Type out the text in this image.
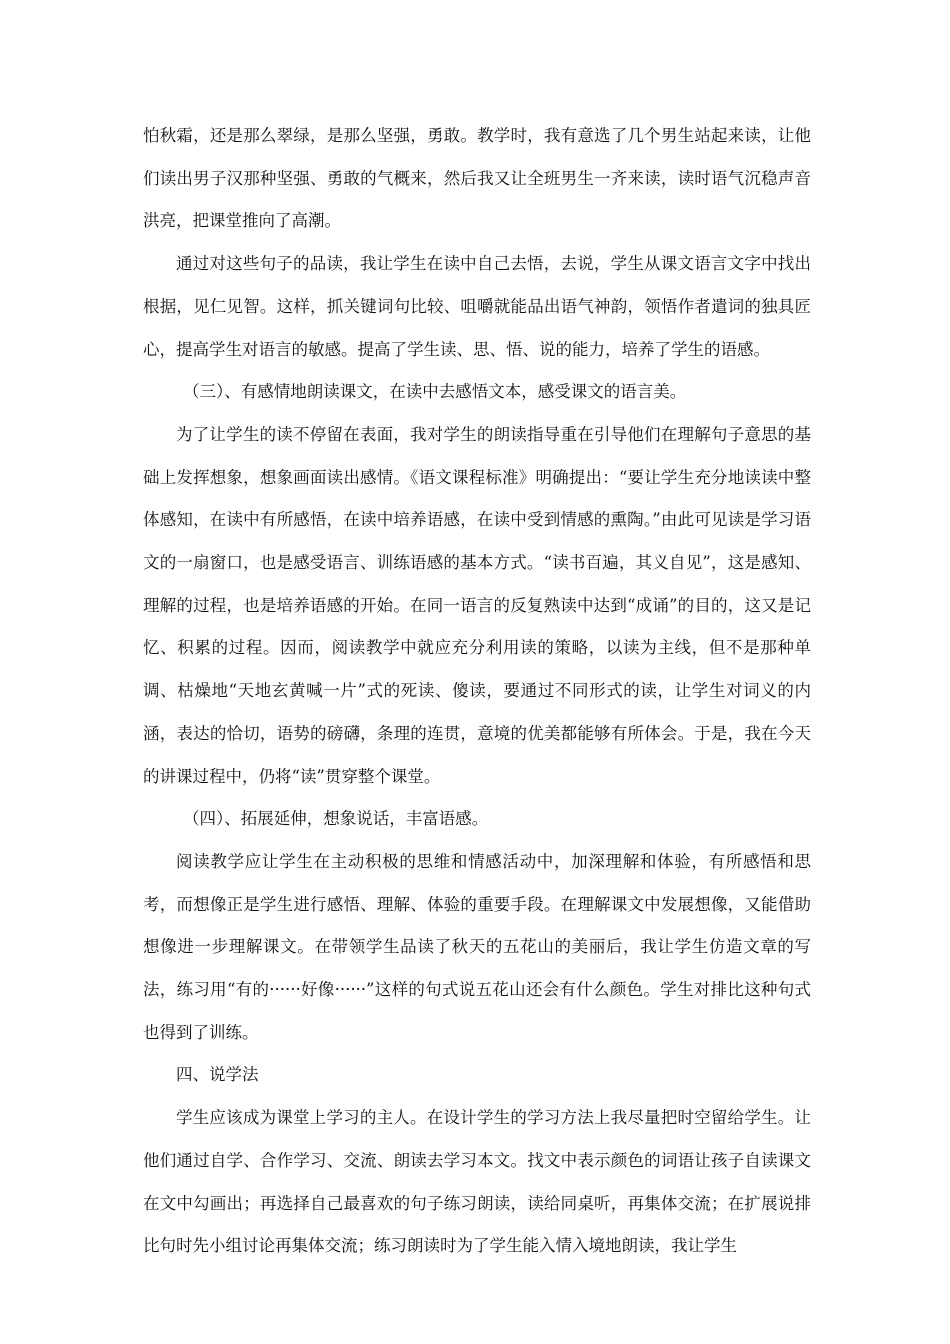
怕秋霜，还是那么翠绿，是那么坚强，勇敢。教学时，我有意选了几个男生站起来读，让他们读出男子汉那种坚强、勇敢的气概来，然后我又让全班男生一齐来读，读时语气沉稳声音洪亮，把课堂推向了高潮。

通过对这些句子的品读，我让学生在读中自己去悟，去说，学生从课文语言文字中找出根据，见仁见智。这样，抓关键词句比较、咀嚼就能品出语气神韵，领悟作者遣词的独具匠心，提高学生对语言的敏感。提高了学生读、思、悟、说的能力，培养了学生的语感。

（三）、有感情地朗读课文，在读中去感悟文本，感受课文的语言美。

为了让学生的读不停留在表面，我对学生的朗读指导重在引导他们在理解句子意思的基础上发挥想象，想象画面读出感情。《语文课程标准》明确提出：“要让学生充分地读读中整体感知，在读中有所感悟，在读中培养语感，在读中受到情感的熏陶。”由此可见读是学习语文的一扇窗口，也是感受语言、训练语感的基本方式。“读书百遍，其义自见”，这是感知、理解的过程，也是培养语感的开始。在同一语言的反复熟读中达到“成诵”的目的，这又是记忆、积累的过程。因而，阅读教学中就应充分利用读的策略，以读为主线，但不是那种单调、枯燥地“天地玄黄喊一片”式的死读、傻读，要通过不同形式的读，让学生对词义的内涵，表达的恰切，语势的磅礴，条理的连贯，意境的优美都能够有所体会。于是，我在今天的讲课过程中，仍将“读”贯穿整个课堂。

（四）、拓展延伸，想象说话，丰富语感。

阅读教学应让学生在主动积极的思维和情感活动中，加深理解和体验，有所感悟和思考，而想像正是学生进行感悟、理解、体验的重要手段。在理解课文中发展想像，又能借助想像进一步理解课文。在带领学生品读了秋天的五花山的美丽后，我让学生仿造文章的写法，练习用“有的······好像······”这样的句式说五花山还会有什么颜色。学生对排比这种句式也得到了训练。

四、说学法

学生应该成为课堂上学习的主人。在设计学生的学习方法上我尽量把时空留给学生。让他们通过自学、合作学习、交流、朗读去学习本文。找文中表示颜色的词语让孩子自读课文在文中勾画出；再选择自己最喜欢的句子练习朗读，读给同桌听，再集体交流；在扩展说排比句时先小组讨论再集体交流；练习朗读时为了学生能入情入境地朗读，我让学生
